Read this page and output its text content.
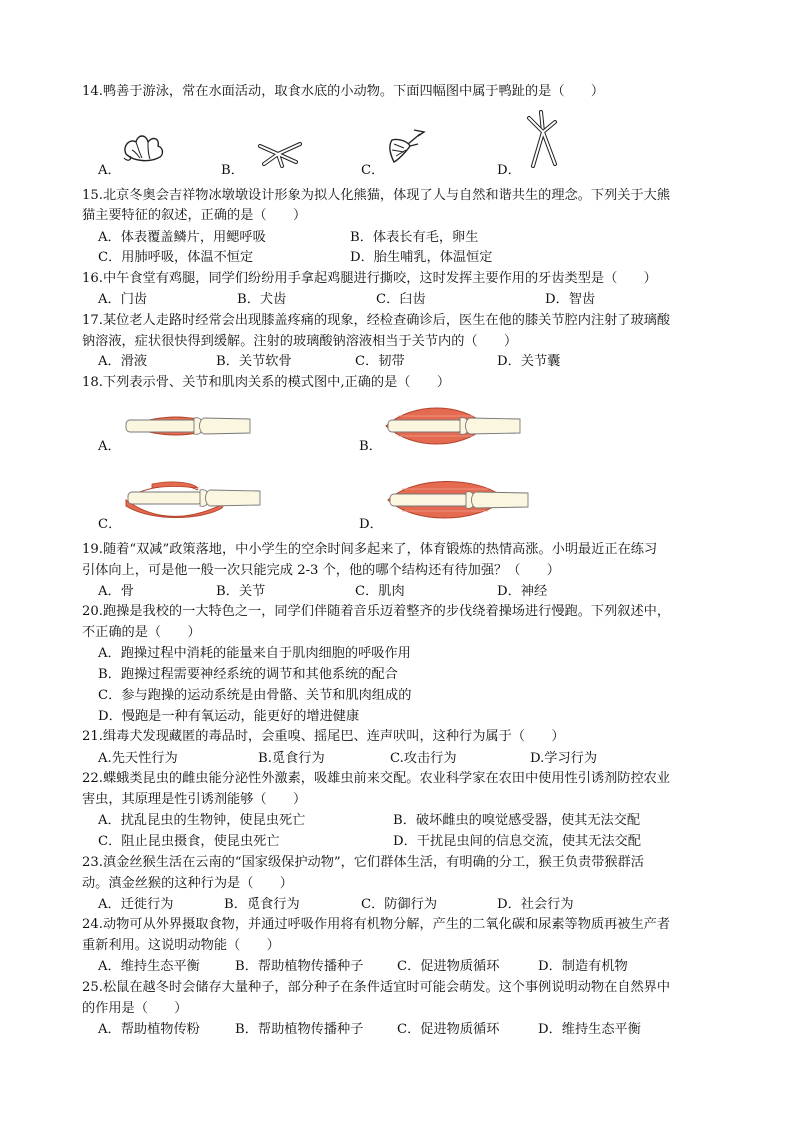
14.鸭善于游泳，常在水面活动，取食水底的小动物。下面四幅图中属于鸭趾的是（　　）
A．	B．	C．	D．
15.北京冬奥会吉祥物冰墩墩设计形象为拟人化熊猫，体现了人与自然和谐共生的理念。下列关于大熊
猫主要特征的叙述，正确的是（　　）
A．体表覆盖鳞片，用鳃呼吸	B．体表长有毛，卵生
C．用肺呼吸，体温不恒定	D．胎生哺乳，体温恒定
16.中午食堂有鸡腿，同学们纷纷用手拿起鸡腿进行撕咬，这时发挥主要作用的牙齿类型是（　　）
A．门齿	B．犬齿	C．臼齿	D．智齿
17.某位老人走路时经常会出现膝盖疼痛的现象，经检查确诊后，医生在他的膝关节腔内注射了玻璃酸
钠溶液，症状很快得到缓解。注射的玻璃酸钠溶液相当于关节内的（　　）
A．滑液	B．关节软骨	C．韧带	D．关节囊
18.下列表示骨、关节和肌肉关系的模式图中,正确的是（　　）
A．	B．
C．	D．
19.随着“双减”政策落地，中小学生的空余时间多起来了，体育锻炼的热情高涨。小明最近正在练习
引体向上，可是他一般一次只能完成 2-3 个，他的哪个结构还有待加强？（　　）
A．骨	B．关节	C．肌肉	D．神经
20.跑操是我校的一大特色之一，同学们伴随着音乐迈着整齐的步伐绕着操场进行慢跑。下列叙述中，
不正确的是（　　）
A．跑操过程中消耗的能量来自于肌肉细胞的呼吸作用
B．跑操过程需要神经系统的调节和其他系统的配合
C．参与跑操的运动系统是由骨骼、关节和肌肉组成的
D．慢跑是一种有氧运动，能更好的增进健康
21.缉毒犬发现藏匿的毒品时，会重嗅、摇尾巴、连声吠叫，这种行为属于（　　）
A.先天性行为	B.觅食行为	C.攻击行为	D.学习行为
22.蝶蛾类昆虫的雌虫能分泌性外激素，吸雄虫前来交配。农业科学家在农田中使用性引诱剂防控农业
害虫，其原理是性引诱剂能够（　　）
A．扰乱昆虫的生物钟，使昆虫死亡	B．破坏雌虫的嗅觉感受器，使其无法交配
C．阻止昆虫摄食，使昆虫死亡	D．干扰昆虫间的信息交流，使其无法交配
23.滇金丝猴生活在云南的“国家级保护动物”，它们群体生活，有明确的分工，猴王负责带猴群活
动。滇金丝猴的这种行为是（　　）
A．迁徙行为	B．觅食行为	C．防御行为	D．社会行为
24.动物可从外界摄取食物，并通过呼吸作用将有机物分解，产生的二氧化碳和尿素等物质再被生产者
重新利用。这说明动物能（　　）
A．维持生态平衡	B．帮助植物传播种子	C．促进物质循环	D．制造有机物
25.松鼠在越冬时会储存大量种子，部分种子在条件适宜时可能会萌发。这个事例说明动物在自然界中
的作用是（　　）
A．帮助植物传粉	B．帮助植物传播种子	C．促进物质循环	D．维持生态平衡
